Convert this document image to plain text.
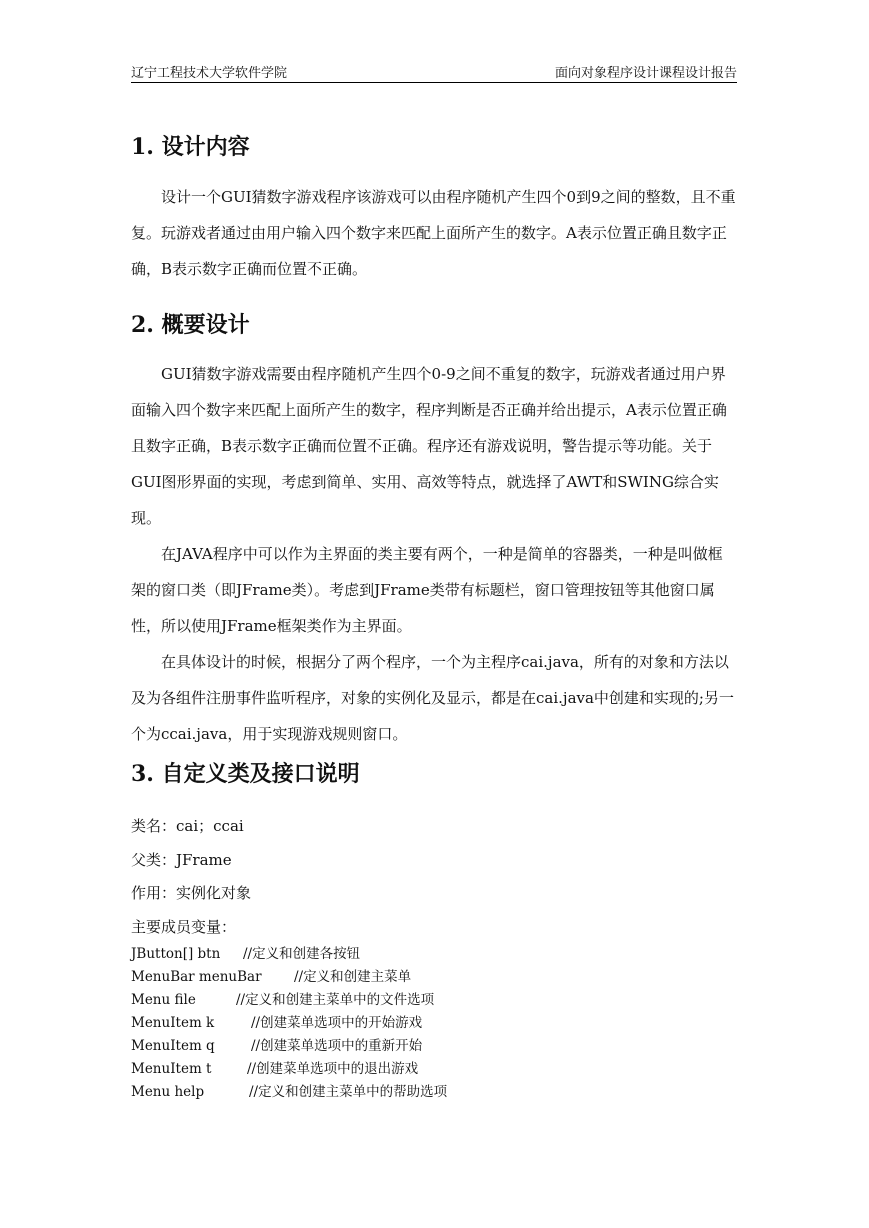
辽宁工程技术大学软件学院	面向对象程序设计课程设计报告
1. 设计内容

设计一个GUI猜数字游戏程序该游戏可以由程序随机产生四个0到9之间的整数，且不重复。玩游戏者通过由用户输入四个数字来匹配上面所产生的数字。A表示位置正确且数字正确，B表示数字正确而位置不正确。

2. 概要设计

GUI猜数字游戏需要由程序随机产生四个0-9之间不重复的数字，玩游戏者通过用户界面输入四个数字来匹配上面所产生的数字，程序判断是否正确并给出提示，A表示位置正确且数字正确，B表示数字正确而位置不正确。程序还有游戏说明，警告提示等功能。关于GUI图形界面的实现，考虑到简单、实用、高效等特点，就选择了AWT和SWING综合实现。

在JAVA程序中可以作为主界面的类主要有两个，一种是简单的容器类，一种是叫做框架的窗口类（即JFrame类）。考虑到JFrame类带有标题栏，窗口管理按钮等其他窗口属性，所以使用JFrame框架类作为主界面。

在具体设计的时候，根据分了两个程序，一个为主程序cai.java，所有的对象和方法以及为各组件注册事件监听程序，对象的实例化及显示，都是在cai.java中创建和实现的;另一个为ccai.java，用于实现游戏规则窗口。

3. 自定义类及接口说明
类名：cai；ccai
父类：JFrame
作用：实例化对象
主要成员变量：
JButton[] btn //定义和创建各按钮
MenuBar menuBar //定义和创建主菜单
Menu file	//定义和创建主菜单中的文件选项
MenuItem k	//创建菜单选项中的开始游戏
MenuItem q	//创建菜单选项中的重新开始
MenuItem t	//创建菜单选项中的退出游戏
Menu help	//定义和创建主菜单中的帮助选项
